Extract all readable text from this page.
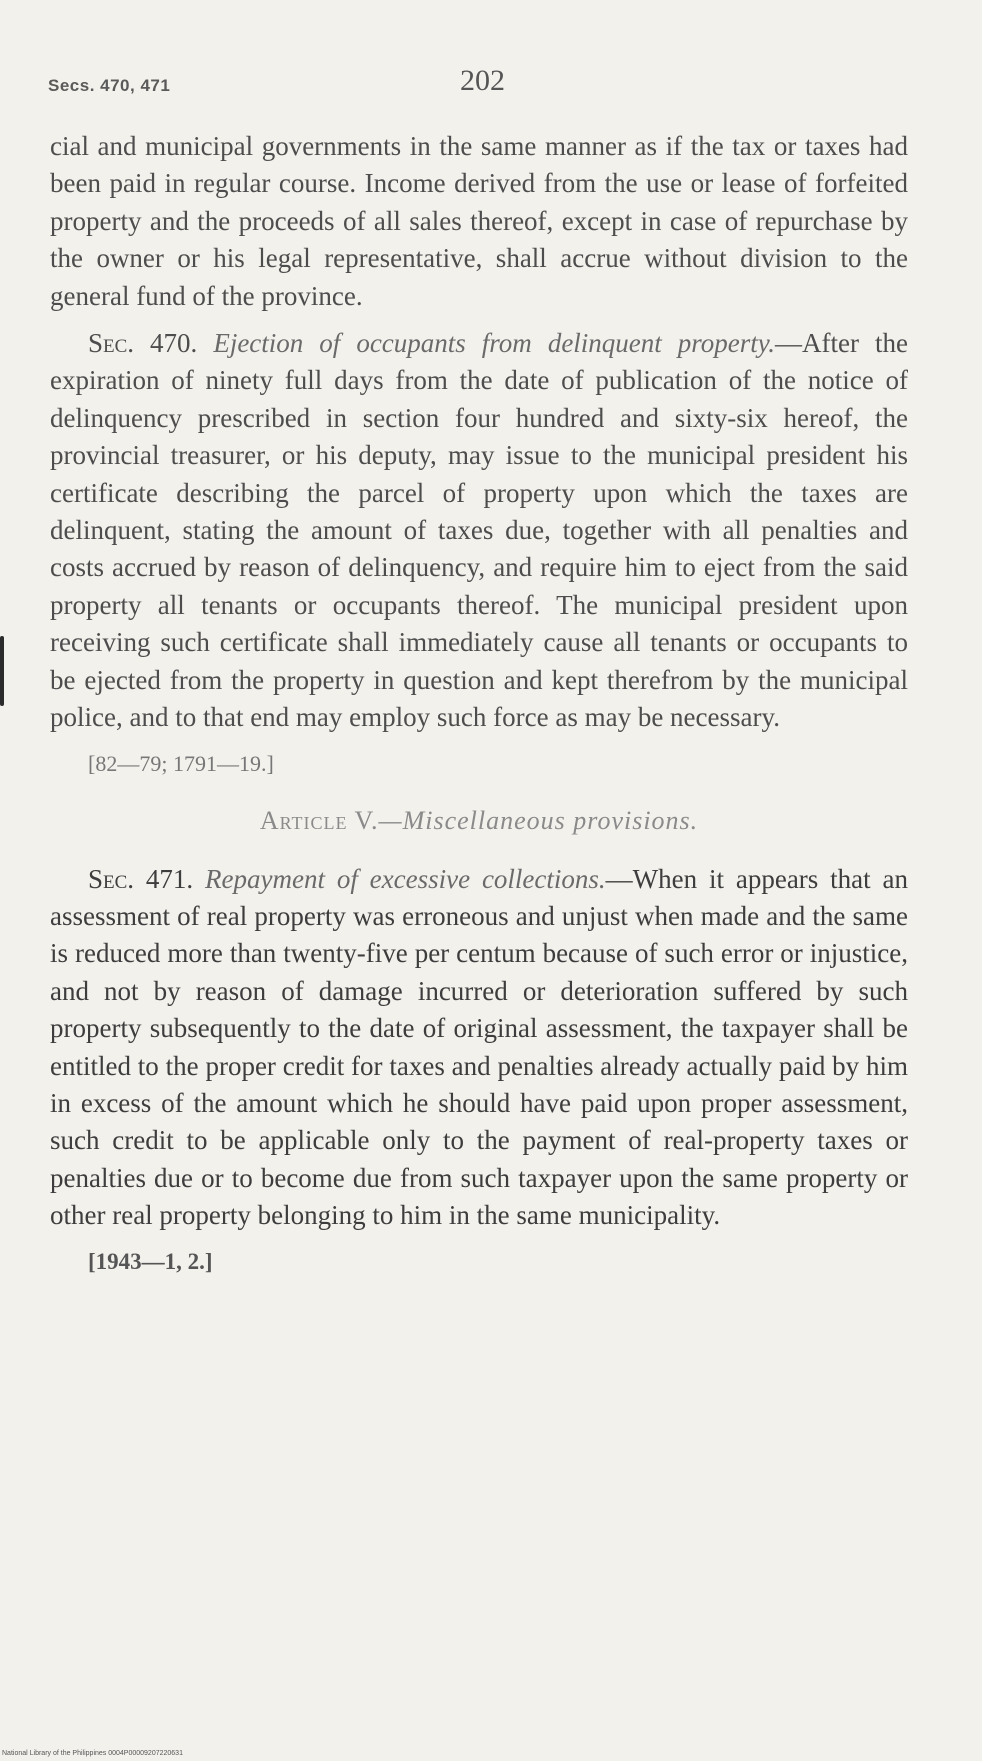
Secs. 470, 471	202

cial and municipal governments in the same manner as if the tax or taxes had been paid in regular course. Income derived from the use or lease of forfeited property and the proceeds of all sales thereof, except in case of repurchase by the owner or his legal representative, shall accrue without division to the general fund of the province.

Sec. 470. Ejection of occupants from delinquent property.—After the expiration of ninety full days from the date of publication of the notice of delinquency prescribed in section four hundred and sixty-six hereof, the provincial treasurer, or his deputy, may issue to the municipal president his certificate describing the parcel of property upon which the taxes are delinquent, stating the amount of taxes due, together with all penalties and costs accrued by reason of delinquency, and require him to eject from the said property all tenants or occupants thereof. The municipal president upon receiving such certificate shall immediately cause all tenants or occupants to be ejected from the property in question and kept therefrom by the municipal police, and to that end may employ such force as may be necessary.

[82—79; 1791—19.]
Article V.—Miscellaneous provisions.

Sec. 471. Repayment of excessive collections.—When it appears that an assessment of real property was erroneous and unjust when made and the same is reduced more than twenty-five per centum because of such error or injustice, and not by reason of damage incurred or deterioration suffered by such property subsequently to the date of original assessment, the taxpayer shall be entitled to the proper credit for taxes and penalties already actually paid by him in excess of the amount which he should have paid upon proper assessment, such credit to be applicable only to the payment of real-property taxes or penalties due or to become due from such taxpayer upon the same property or other real property belonging to him in the same municipality.

[1943—1, 2.]
National Library of the Philippines 0004P00009207220631
